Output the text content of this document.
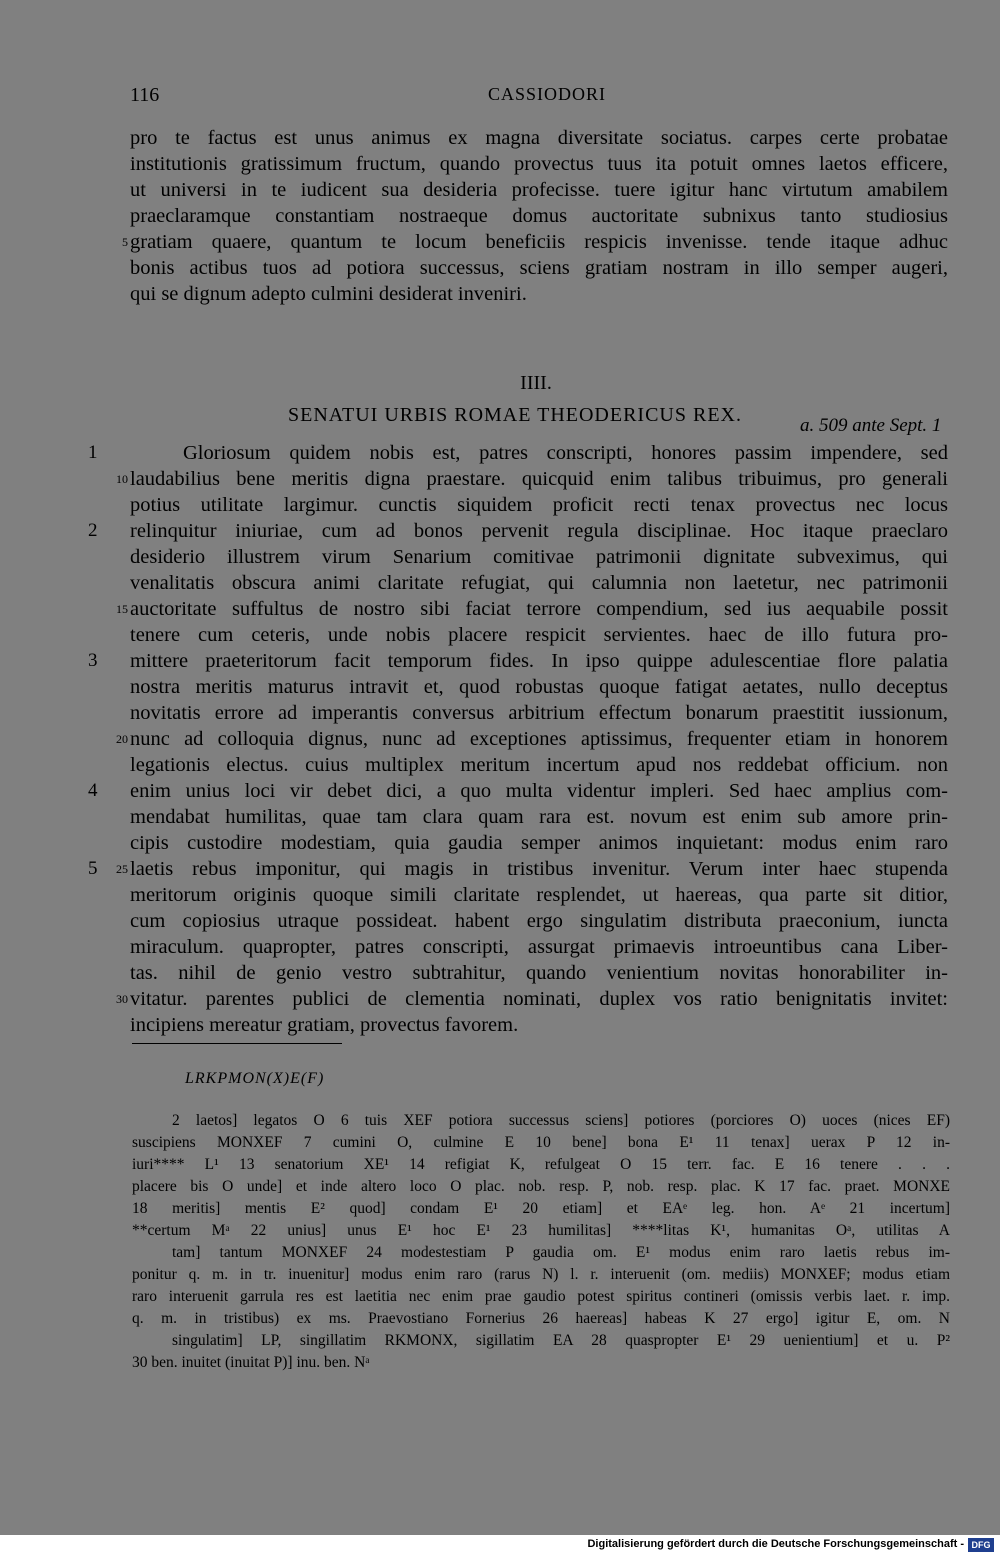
116	CASSIODORI
pro te factus est unus animus ex magna diversitate sociatus. carpes certe probatae
institutionis gratissimum fructum, quando provectus tuus ita potuit omnes laetos efficere,
ut universi in te iudicent sua desideria profecisse. tuere igitur hanc virtutum amabilem
praeclaramque constantiam nostraeque domus auctoritate subnixus tanto studiosius
gratiam quaere, quantum te locum beneficiis respicis invenisse. tende itaque adhuc
bonis actibus tuos ad potiora successus, sciens gratiam nostram in illo semper augeri,
qui se dignum adepto culmini desiderat inveniri.
5
IIII.
SENATUI URBIS ROMAE THEODERICUS REX.	a. 509 ante Sept. 1
Gloriosum quidem nobis est, patres conscripti, honores passim impendere, sed
laudabilius bene meritis digna praestare. quicquid enim talibus tribuimus, pro generali
potius utilitate largimur. cunctis siquidem proficit recti tenax provectus nec locus
relinquitur iniuriae, cum ad bonos pervenit regula disciplinae. Hoc itaque praeclaro
desiderio illustrem virum Senarium comitivae patrimonii dignitate subveximus, qui
venalitatis obscura animi claritate refugiat, qui calumnia non laetetur, nec patrimonii
auctoritate suffultus de nostro sibi faciat terrore compendium, sed ius aequabile possit
tenere cum ceteris, unde nobis placere respicit servientes. haec de illo futura pro-
mittere praeteritorum facit temporum fides. In ipso quippe adulescentiae flore palatia
nostra meritis maturus intravit et, quod robustas quoque fatigat aetates, nullo deceptus
novitatis errore ad imperantis conversus arbitrium effectum bonarum praestitit iussionum,
nunc ad colloquia dignus, nunc ad exceptiones aptissimus, frequenter etiam in honorem
legationis electus. cuius multiplex meritum incertum apud nos reddebat officium. non
enim unius loci vir debet dici, a quo multa videntur impleri. Sed haec amplius com-
mendabat humilitas, quae tam clara quam rara est. novum est enim sub amore prin-
cipis custodire modestiam, quia gaudia semper animos inquietant: modus enim raro
laetis rebus imponitur, qui magis in tristibus invenitur. Verum inter haec stupenda
meritorum originis quoque simili claritate resplendet, ut haereas, qua parte sit ditior,
cum copiosius utraque possideat. habent ergo singulatim distributa praeconium, iuncta
miraculum. quapropter, patres conscripti, assurgat primaevis introeuntibus cana Liber-
tas. nihil de genio vestro subtrahitur, quando venientium novitas honorabiliter in-
vitatur. parentes publici de clementia nominati, duplex vos ratio benignitatis invitet:
incipiens mereatur gratiam, provectus favorem.
10
15
20
25
30
1
2
3
4
5
LRKPMON(X)E(F)
2 laetos] legatos O 6 tuis XEF potiora successus sciens] potiores (porciores O) uoces (nices EF)
suscipiens MONXEF 7 cumini O, culmine E 10 bene] bona E¹ 11 tenax] uerax P 12 in-
iuri**** L¹ 13 senatorium XE¹ 14 refigiat K, refulgeat O 15 terr. fac. E 16 tenere . . .
placere bis O unde] et inde altero loco O plac. nob. resp. P, nob. resp. plac. K 17 fac. praet. MONXE
18 meritis] mentis E² quod] condam E¹ 20 etiam] et EAᵉ leg. hon. Aᵉ 21 incertum]
**certum Mᵃ 22 unius] unus E¹ hoc E¹ 23 humilitas] ****litas K¹, humanitas Oᵃ, utilitas A
tam] tantum MONXEF 24 modestestiam P gaudia om. E¹ modus enim raro laetis rebus im-
ponitur q. m. in tr. inuenitur] modus enim raro (rarus N) l. r. interuenit (om. mediis) MONXEF; modus etiam
raro interuenit garrula res est laetitia nec enim prae gaudio potest spiritus contineri (omissis verbis laet. r. imp.
q. m. in tristibus) ex ms. Praevostiano Fornerius 26 haereas] habeas K 27 ergo] igitur E, om. N
singulatim] LP, singillatim RKMONX, sigillatim EA 28 quaspropter E¹ 29 uenientium] et u. P²
30 ben. inuitet (inuitat P)] inu. ben. Nᵃ
Digitalisierung gefördert durch die Deutsche Forschungsgemeinschaft - DFG
